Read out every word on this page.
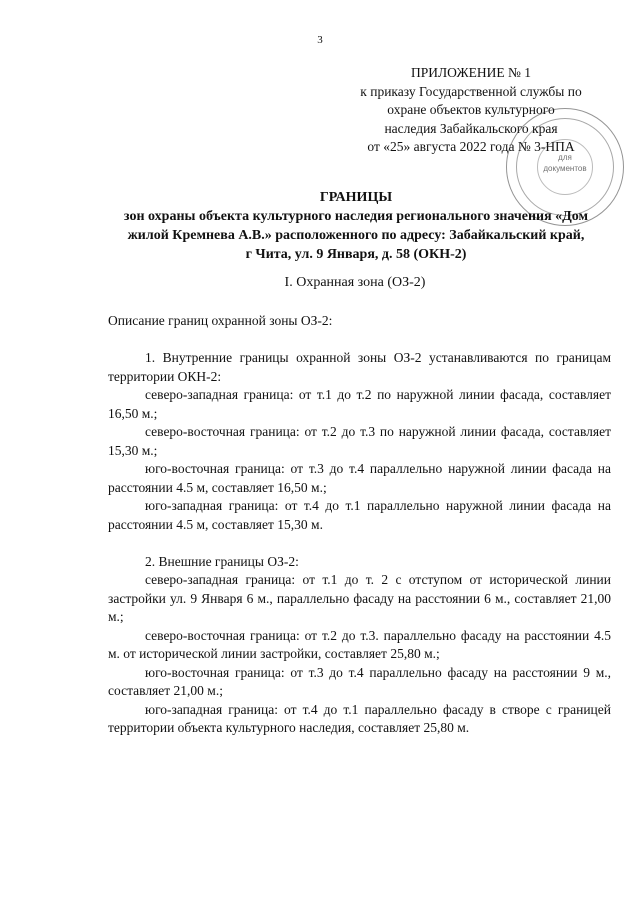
3
ПРИЛОЖЕНИЕ № 1
к приказу Государственной службы по
охране объектов культурного
наследия Забайкальского края
от «25» августа 2022 года № 3-НПА
для
документов
ГРАНИЦЫ
зон охраны объекта культурного наследия регионального значения «Дом
жилой Кремнева А.В.» расположенного по адресу: Забайкальский край,
г Чита, ул. 9 Января, д. 58 (ОКН-2)
I. Охранная зона (ОЗ-2)

Описание границ охранной зоны ОЗ-2:

1. Внутренние границы охранной зоны ОЗ-2 устанавливаются по границам территории ОКН-2:

северо-западная граница: от т.1 до т.2 по наружной линии фасада, составляет 16,50 м.;

северо-восточная граница: от т.2 до т.3 по наружной линии фасада, составляет 15,30 м.;

юго-восточная граница: от т.3 до т.4 параллельно наружной линии фасада на расстоянии 4.5 м, составляет 16,50 м.;

юго-западная граница: от т.4 до т.1 параллельно наружной линии фасада на расстоянии 4.5 м, составляет 15,30 м.

2. Внешние границы ОЗ-2:

северо-западная граница: от т.1 до т. 2 с отступом от исторической линии застройки ул. 9 Января 6 м., параллельно фасаду на расстоянии 6 м., составляет 21,00 м.;

северо-восточная граница: от т.2 до т.3. параллельно фасаду на расстоянии 4.5 м. от исторической линии застройки, составляет 25,80 м.;

юго-восточная граница: от т.3 до т.4 параллельно фасаду на расстоянии 9 м., составляет 21,00 м.;

юго-западная граница: от т.4 до т.1 параллельно фасаду в створе с границей территории объекта культурного наследия, составляет 25,80 м.
